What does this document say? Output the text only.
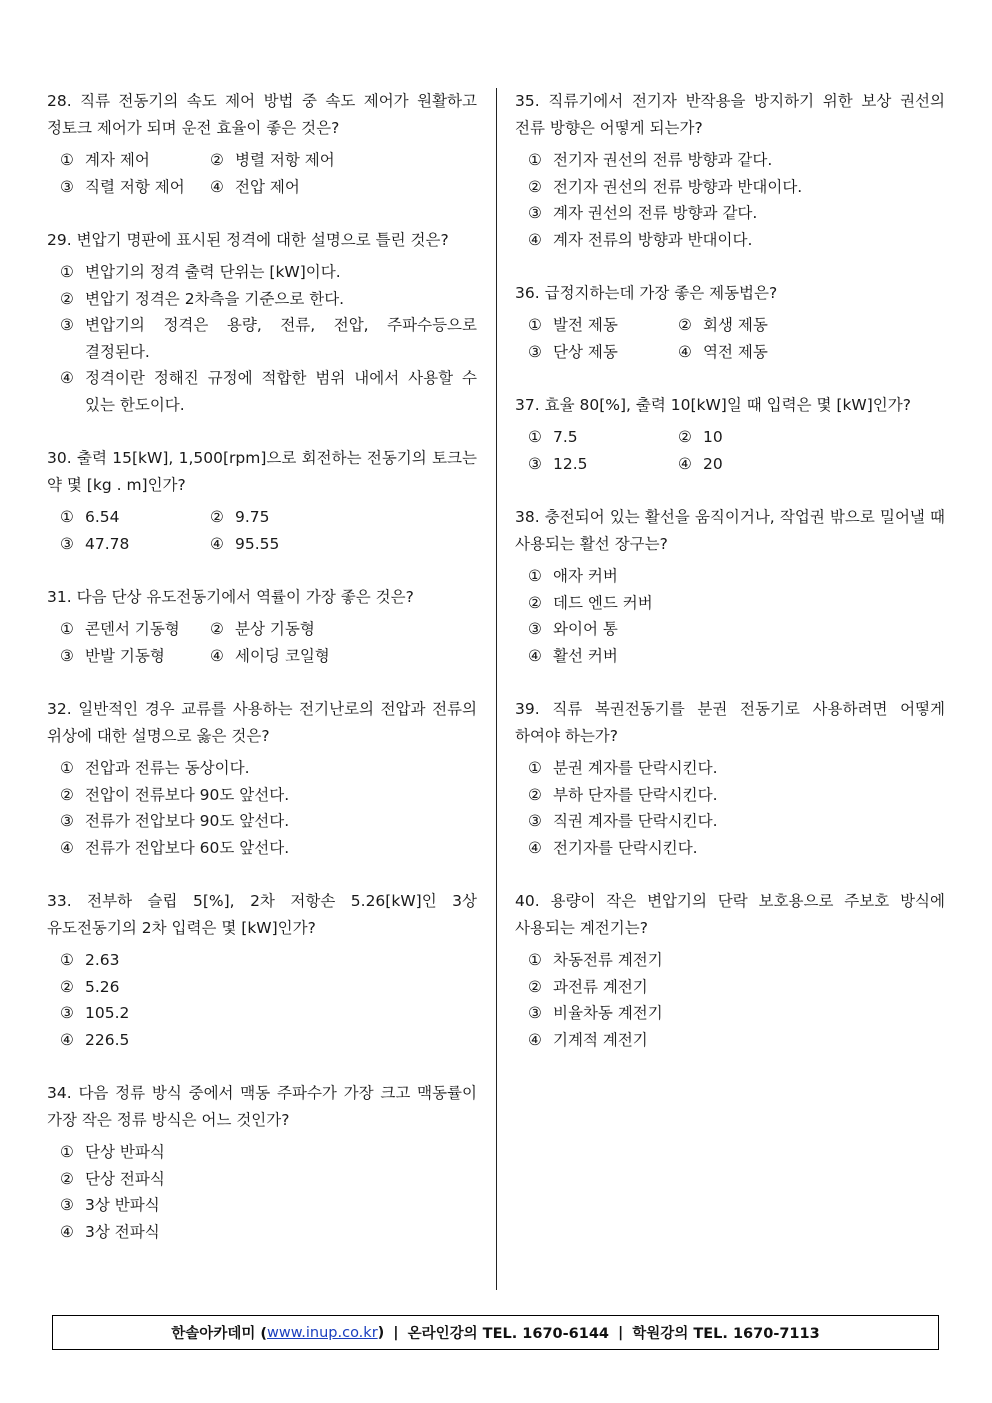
28. 직류 전동기의 속도 제어 방법 중 속도 제어가 원활하고 정토크 제어가 되며 운전 효율이 좋은 것은?
① 계자 제어	② 병렬 저항 제어
③ 직렬 저항 제어	④ 전압 제어
29. 변압기 명판에 표시된 정격에 대한 설명으로 틀린 것은?
① 변압기의 정격 출력 단위는 [kW]이다.
② 변압기 정격은 2차측을 기준으로 한다.
③ 변압기의 정격은 용량, 전류, 전압, 주파수등으로 결정된다.
④ 정격이란 정해진 규정에 적합한 범위 내에서 사용할 수 있는 한도이다.
30. 출력 15[kW], 1,500[rpm]으로 회전하는 전동기의 토크는 약 몇 [kg . m]인가?
① 6.54	② 9.75
③ 47.78	④ 95.55
31. 다음 단상 유도전동기에서 역률이 가장 좋은 것은?
① 콘덴서 기동형	② 분상 기동형
③ 반발 기동형	④ 세이딩 코일형
32. 일반적인 경우 교류를 사용하는 전기난로의 전압과 전류의 위상에 대한 설명으로 옳은 것은?
① 전압과 전류는 동상이다.
② 전압이 전류보다 90도 앞선다.
③ 전류가 전압보다 90도 앞선다.
④ 전류가 전압보다 60도 앞선다.
33. 전부하 슬립 5[%], 2차 저항손 5.26[kW]인 3상 유도전동기의 2차 입력은 몇 [kW]인가?
① 2.63
② 5.26
③ 105.2
④ 226.5
34. 다음 정류 방식 중에서 맥동 주파수가 가장 크고 맥동률이 가장 작은 정류 방식은 어느 것인가?
① 단상 반파식
② 단상 전파식
③ 3상 반파식
④ 3상 전파식
35. 직류기에서 전기자 반작용을 방지하기 위한 보상 권선의 전류 방향은 어떻게 되는가?
① 전기자 권선의 전류 방향과 같다.
② 전기자 권선의 전류 방향과 반대이다.
③ 계자 권선의 전류 방향과 같다.
④ 계자 전류의 방향과 반대이다.
36. 급정지하는데 가장 좋은 제동법은?
① 발전 제동	② 회생 제동
③ 단상 제동	④ 역전 제동
37. 효율 80[%], 출력 10[kW]일 때 입력은 몇 [kW]인가?
① 7.5	② 10
③ 12.5	④ 20
38. 충전되어 있는 활선을 움직이거나, 작업권 밖으로 밀어낼 때 사용되는 활선 장구는?
① 애자 커버
② 데드 엔드 커버
③ 와이어 통
④ 활선 커버
39. 직류 복권전동기를 분권 전동기로 사용하려면 어떻게 하여야 하는가?
① 분권 계자를 단락시킨다.
② 부하 단자를 단락시킨다.
③ 직권 계자를 단락시킨다.
④ 전기자를 단락시킨다.
40. 용량이 작은 변압기의 단락 보호용으로 주보호 방식에 사용되는 계전기는?
① 차동전류 계전기
② 과전류 계전기
③ 비율차동 계전기
④ 기계적 계전기
한솔아카데미 ( www.inup.co.kr ) | 온라인강의 TEL. 1670-6144 | 학원강의 TEL. 1670-7113
